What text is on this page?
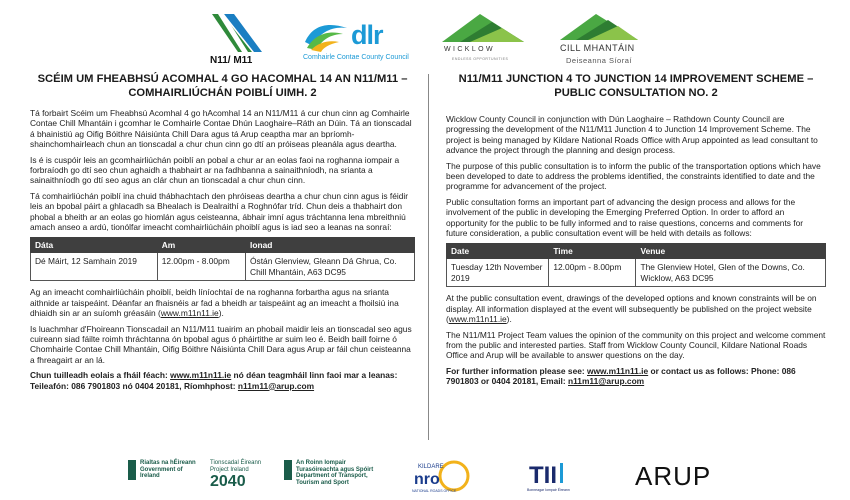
N11/ M11
dlr
Comhairle Contae County Council
WICKLOW
ENDLESS OPPORTUNITIES
CILL MHANTÁIN
Deiseanna Síoraí
SCÉIM UM FHEABHSÚ ACOMHAL 4 GO HACOMHAL 14 AN N11/M11 – COMHAIRLIÚCHÁN POIBLÍ UIMH. 2

Tá forbairt Scéim um Fheabhsú Acomhal 4 go hAcomhal 14 an N11/M11 á cur chun cinn ag Comhairle Contae Chill Mhantáin i gcomhar le Comhairle Contae Dhún Laoghaire–Ráth an Dúin. Tá an tionscadal á bhainistiú ag Oifig Bóithre Náisiúnta Chill Dara agus tá Arup ceaptha mar an bpríomh-shainchomhairleach chun an tionscadal a chur chun cinn go dtí an próiseas pleanála agus deartha.

Is é is cuspóir leis an gcomhairliúchán poiblí an pobal a chur ar an eolas faoi na roghanna iompair a forbraíodh go dtí seo chun aghaidh a thabhairt ar na fadhbanna a sainaithníodh, na srianta a sainaithníodh go dtí seo agus an clár chun an tionscadal a chur chun cinn.

Tá comhairliúchán poiblí ina chuid thábhachtach den phróiseas deartha a chur chun cinn agus is féidir leis an bpobal páirt a ghlacadh sa Bhealach is Dealraithí a Roghnófar tríd. Chun deis a thabhairt don phobal a bheith ar an eolas go hiomlán agus ceisteanna, ábhair imní agus tráchtanna lena mbreithniú amach anseo a ardú, tionólfar imeacht comhairliúcháin phoiblí agus is iad seo a leanas na sonraí:

Dáta	Am	Ionad
Dé Máirt, 12 Samhain 2019	12.00pm - 8.00pm	Óstán Glenview, Gleann Dá Ghrua, Co. Chill Mhantáin, A63 DC95

Ag an imeacht comhairliúcháin phoiblí, beidh líníochtaí de na roghanna forbartha agus na srianta aithnide ar taispeáint. Déanfar an fhaisnéis ar fad a bheidh ar taispeáint ag an imeacht a fhoilsiú ina dhiaidh sin ar an suíomh gréasáin (www.m11n11.ie).

Is luachmhar d'Fhoireann Tionscadail an N11/M11 tuairim an phobail maidir leis an tionscadal seo agus cuireann siad fáilte roimh thráchtanna ón bpobal agus ó pháirtithe ar suim leo é. Beidh baill foirne ó Chomhairle Contae Chill Mhantáin, Oifig Bóithre Náisiúnta Chill Dara agus Arup ar fáil chun ceisteanna a fhreagairt ar an lá.

Chun tuilleadh eolais a fháil féach: www.m11n11.ie nó déan teagmháil linn faoi mar a leanas: Teileafón: 086 7901803 nó 0404 20181, Ríomhphost: n11m11@arup.com

N11/M11 JUNCTION 4 TO JUNCTION 14 IMPROVEMENT SCHEME – PUBLIC CONSULTATION NO. 2

Wicklow County Council in conjunction with Dún Laoghaire – Rathdown County Council are progressing the development of the N11/M11 Junction 4 to Junction 14 Improvement Scheme. The project is being managed by Kildare National Roads Office with Arup appointed as lead consultant to advance the project through the planning and design process.

The purpose of this public consultation is to inform the public of the transportation options which have been developed to date to address the problems identified, the constraints identified to date and the programme for advancement of the project.

Public consultation forms an important part of advancing the design process and allows for the involvement of the public in developing the Emerging Preferred Option. In order to afford an opportunity for the public to be fully informed and to raise questions, concerns and comments for future consideration, a public consultation event will be held with details as follows:

Date	Time	Venue
Tuesday 12th November 2019	12.00pm - 8.00pm	The Glenview Hotel, Glen of the Downs, Co. Wicklow, A63 DC95

At the public consultation event, drawings of the developed options and known constraints will be on display. All information displayed at the event will subsequently be published on the project website (www.m11n11.ie).

The N11/M11 Project Team values the opinion of the community on this project and welcome comment from the public and interested parties. Staff from Wicklow County Council, Kildare National Roads Office and Arup will be available to answer questions on the day.

For further information please see: www.m11n11.ie or contact us as follows: Phone: 086 7901803 or 0404 20181, Email: n11m11@arup.com

Rialtas na hÉireann Government of Ireland
Tionscadal Éireann Project Ireland
2040
An Roinn Iompair Turasóireachta agus Spóirt Department of Transport, Tourism and Sport
KILDARE
nro
NATIONAL ROADS OFFICE
TII
Bonneagar Iompair Éireann	ARUP
